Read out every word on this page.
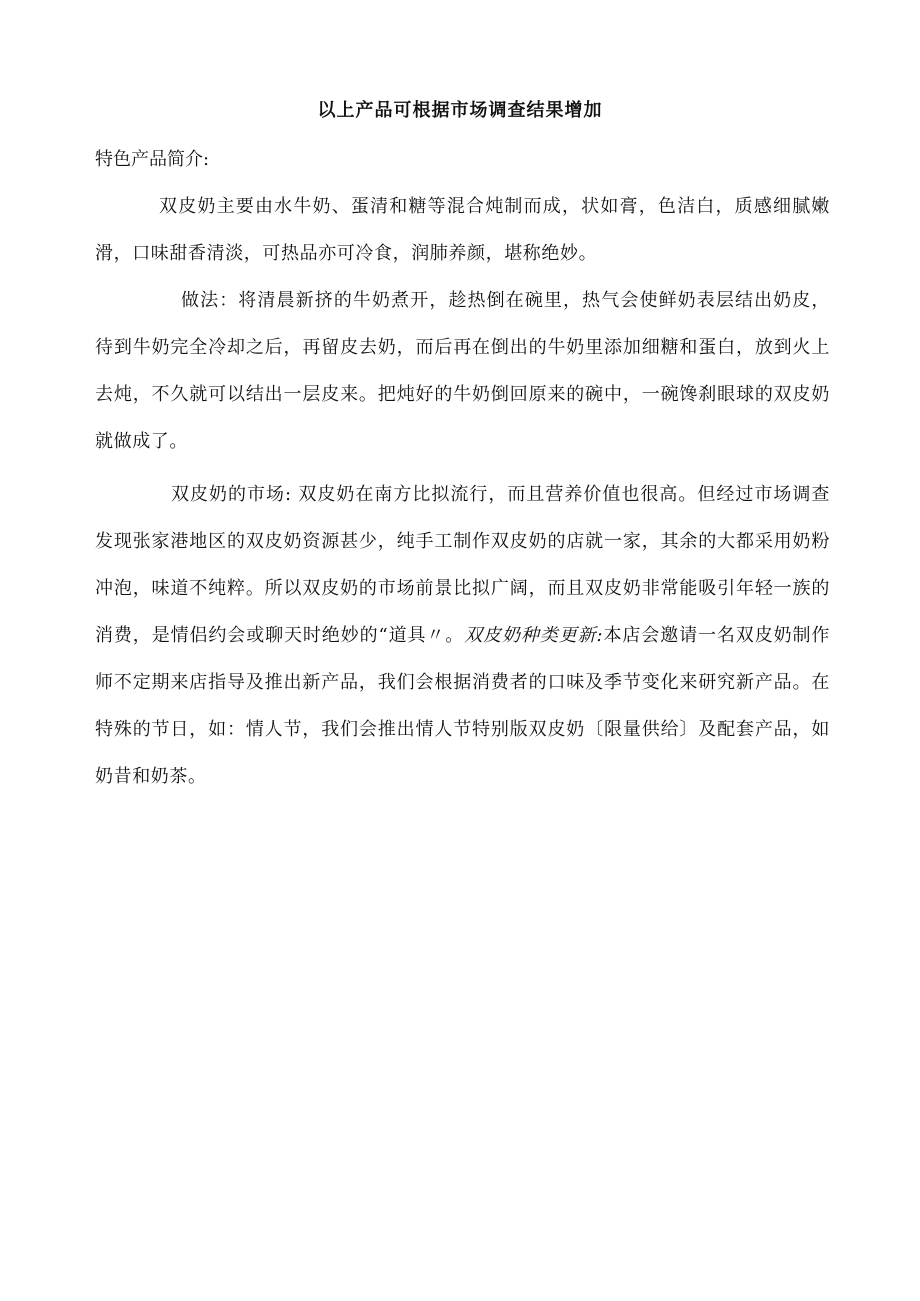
以上产品可根据市场调查结果增加

特色产品简介:

双皮奶主要由水牛奶、蛋清和糖等混合炖制而成，状如膏，色洁白，质感细腻嫩滑，口味甜香清淡，可热品亦可冷食，润肺养颜，堪称绝妙。

做法：将清晨新挤的牛奶煮开，趁热倒在碗里，热气会使鲜奶表层结出奶皮，待到牛奶完全冷却之后，再留皮去奶，而后再在倒出的牛奶里添加细糖和蛋白，放到火上去炖，不久就可以结出一层皮来。把炖好的牛奶倒回原来的碗中，一碗馋刹眼球的双皮奶就做成了。

双皮奶的市场: 双皮奶在南方比拟流行，而且营养价值也很高。但经过市场调查发现张家港地区的双皮奶资源甚少，纯手工制作双皮奶的店就一家，其余的大都采用奶粉冲泡，味道不纯粹。所以双皮奶的市场前景比拟广阔，而且双皮奶非常能吸引年轻一族的消费，是情侣约会或聊天时绝妙的“道具〃。双皮奶种类更新:本店会邀请一名双皮奶制作师不定期来店指导及推出新产品，我们会根据消费者的口味及季节变化来研究新产品。在特殊的节日，如：情人节，我们会推出情人节特别版双皮奶〔限量供给〕及配套产品，如奶昔和奶茶。
